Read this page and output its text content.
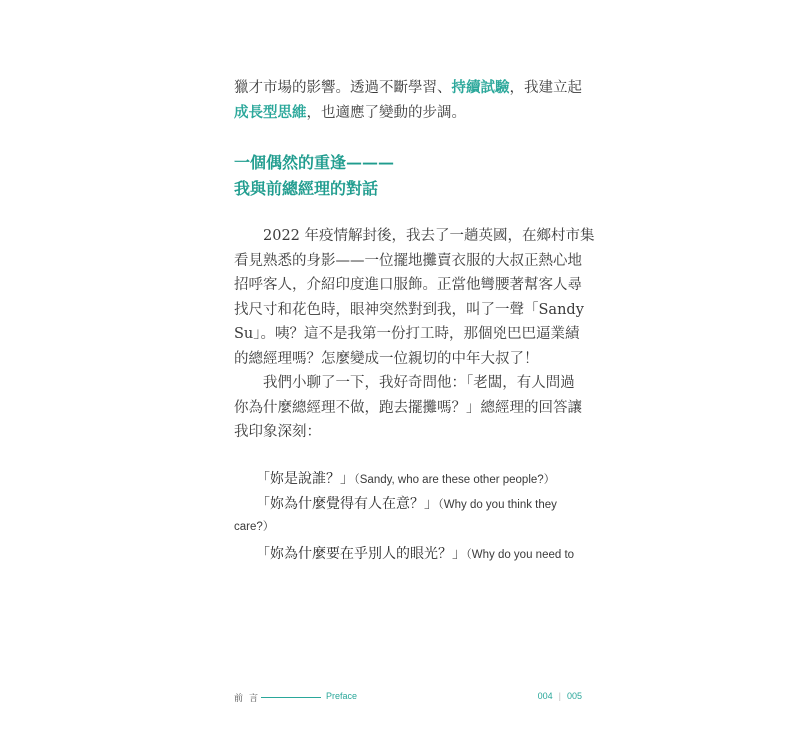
獵才市場的影響。透過不斷學習、持續試驗，我建立起
成長型思維，也適應了變動的步調。
一個偶然的重逢———
我與前總經理的對話
　　2022 年疫情解封後，我去了一趟英國，在鄉村市集
看見熟悉的身影——一位擺地攤賣衣服的大叔正熱心地
招呼客人，介紹印度進口服飾。正當他彎腰著幫客人尋
找尺寸和花色時，眼神突然對到我，叫了一聲「Sandy
Su」。咦？這不是我第一份打工時，那個兇巴巴逼業績
的總經理嗎？怎麼變成一位親切的中年大叔了！
　　我們小聊了一下，我好奇問他：「老闆，有人問過
你為什麼總經理不做，跑去擺攤嗎？」總經理的回答讓
我印象深刻：
「妳是說誰？」（Sandy, who are these other people?）
「妳為什麼覺得有人在意？」（Why do you think they
care?）
「妳為什麼要在乎別人的眼光？」（Why do you need to
前言	Preface	004 | 005
